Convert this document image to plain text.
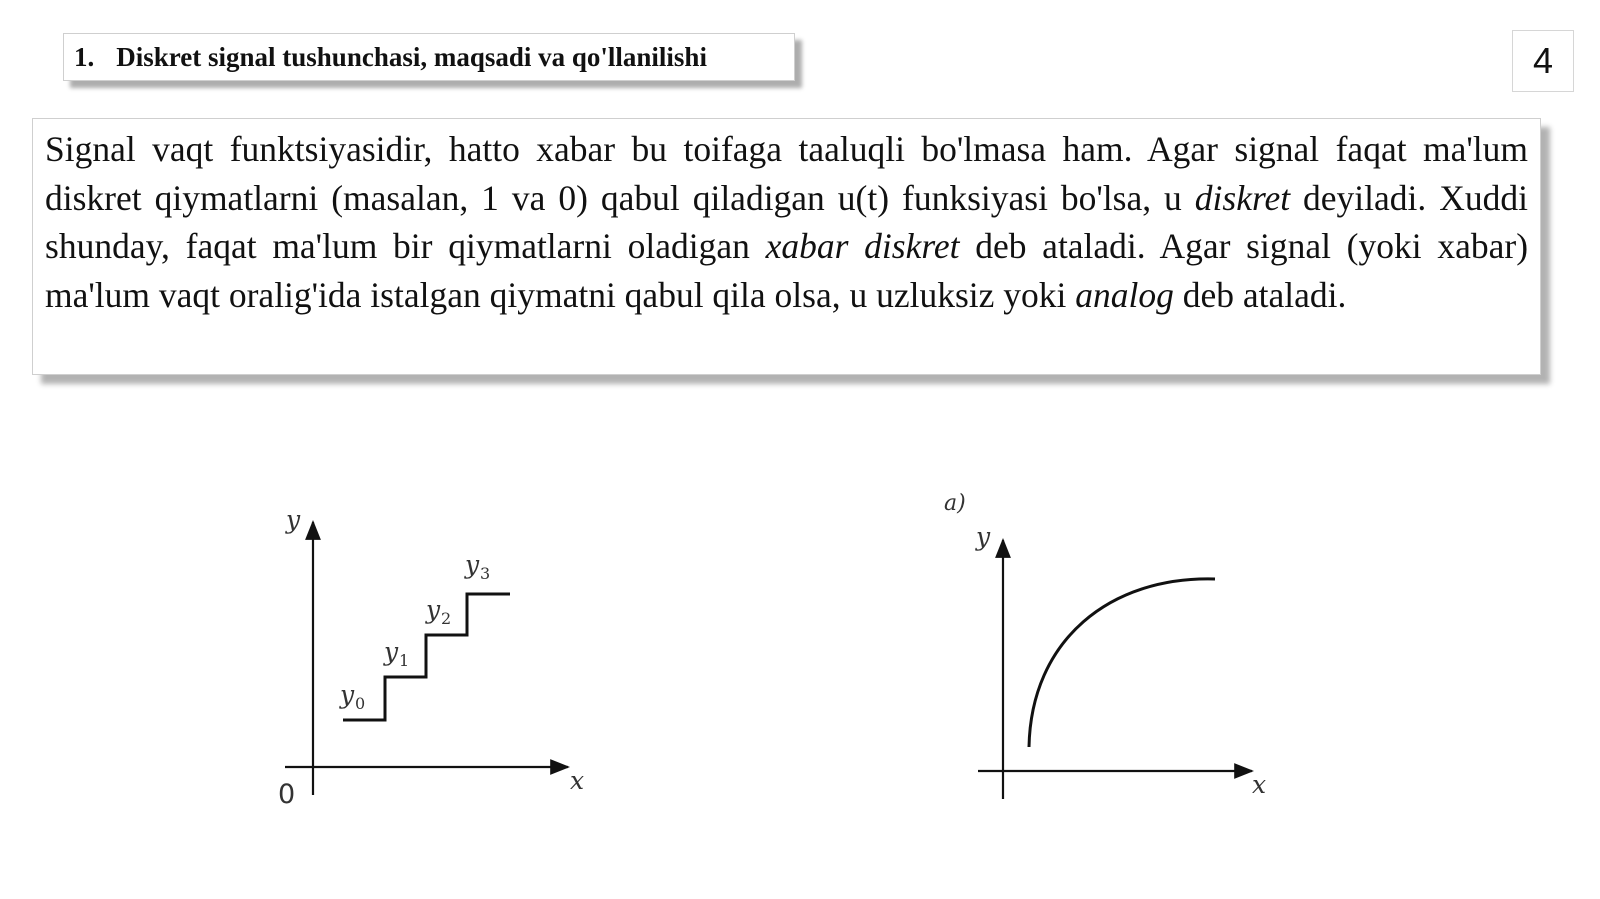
1. Diskret signal tushunchasi, maqsadi va qo'llanilishi	4
Signal vaqt funktsiyasidir, hatto xabar bu toifaga taaluqli bo'lmasa ham. Agar signal faqat ma'lum diskret qiymatlarni (masalan, 1 va 0) qabul qiladigan u(t) funksiyasi bo'lsa, u diskret deyiladi. Xuddi shunday, faqat ma'lum bir qiymatlarni oladigan xabar diskret deb ataladi. Agar signal (yoki xabar) ma'lum vaqt oralig'ida istalgan qiymatni qabul qila olsa, u uzluksiz yoki analog deb ataladi.
y
x
0
y 0
y 1
y 2
y 3
a)
y
x
